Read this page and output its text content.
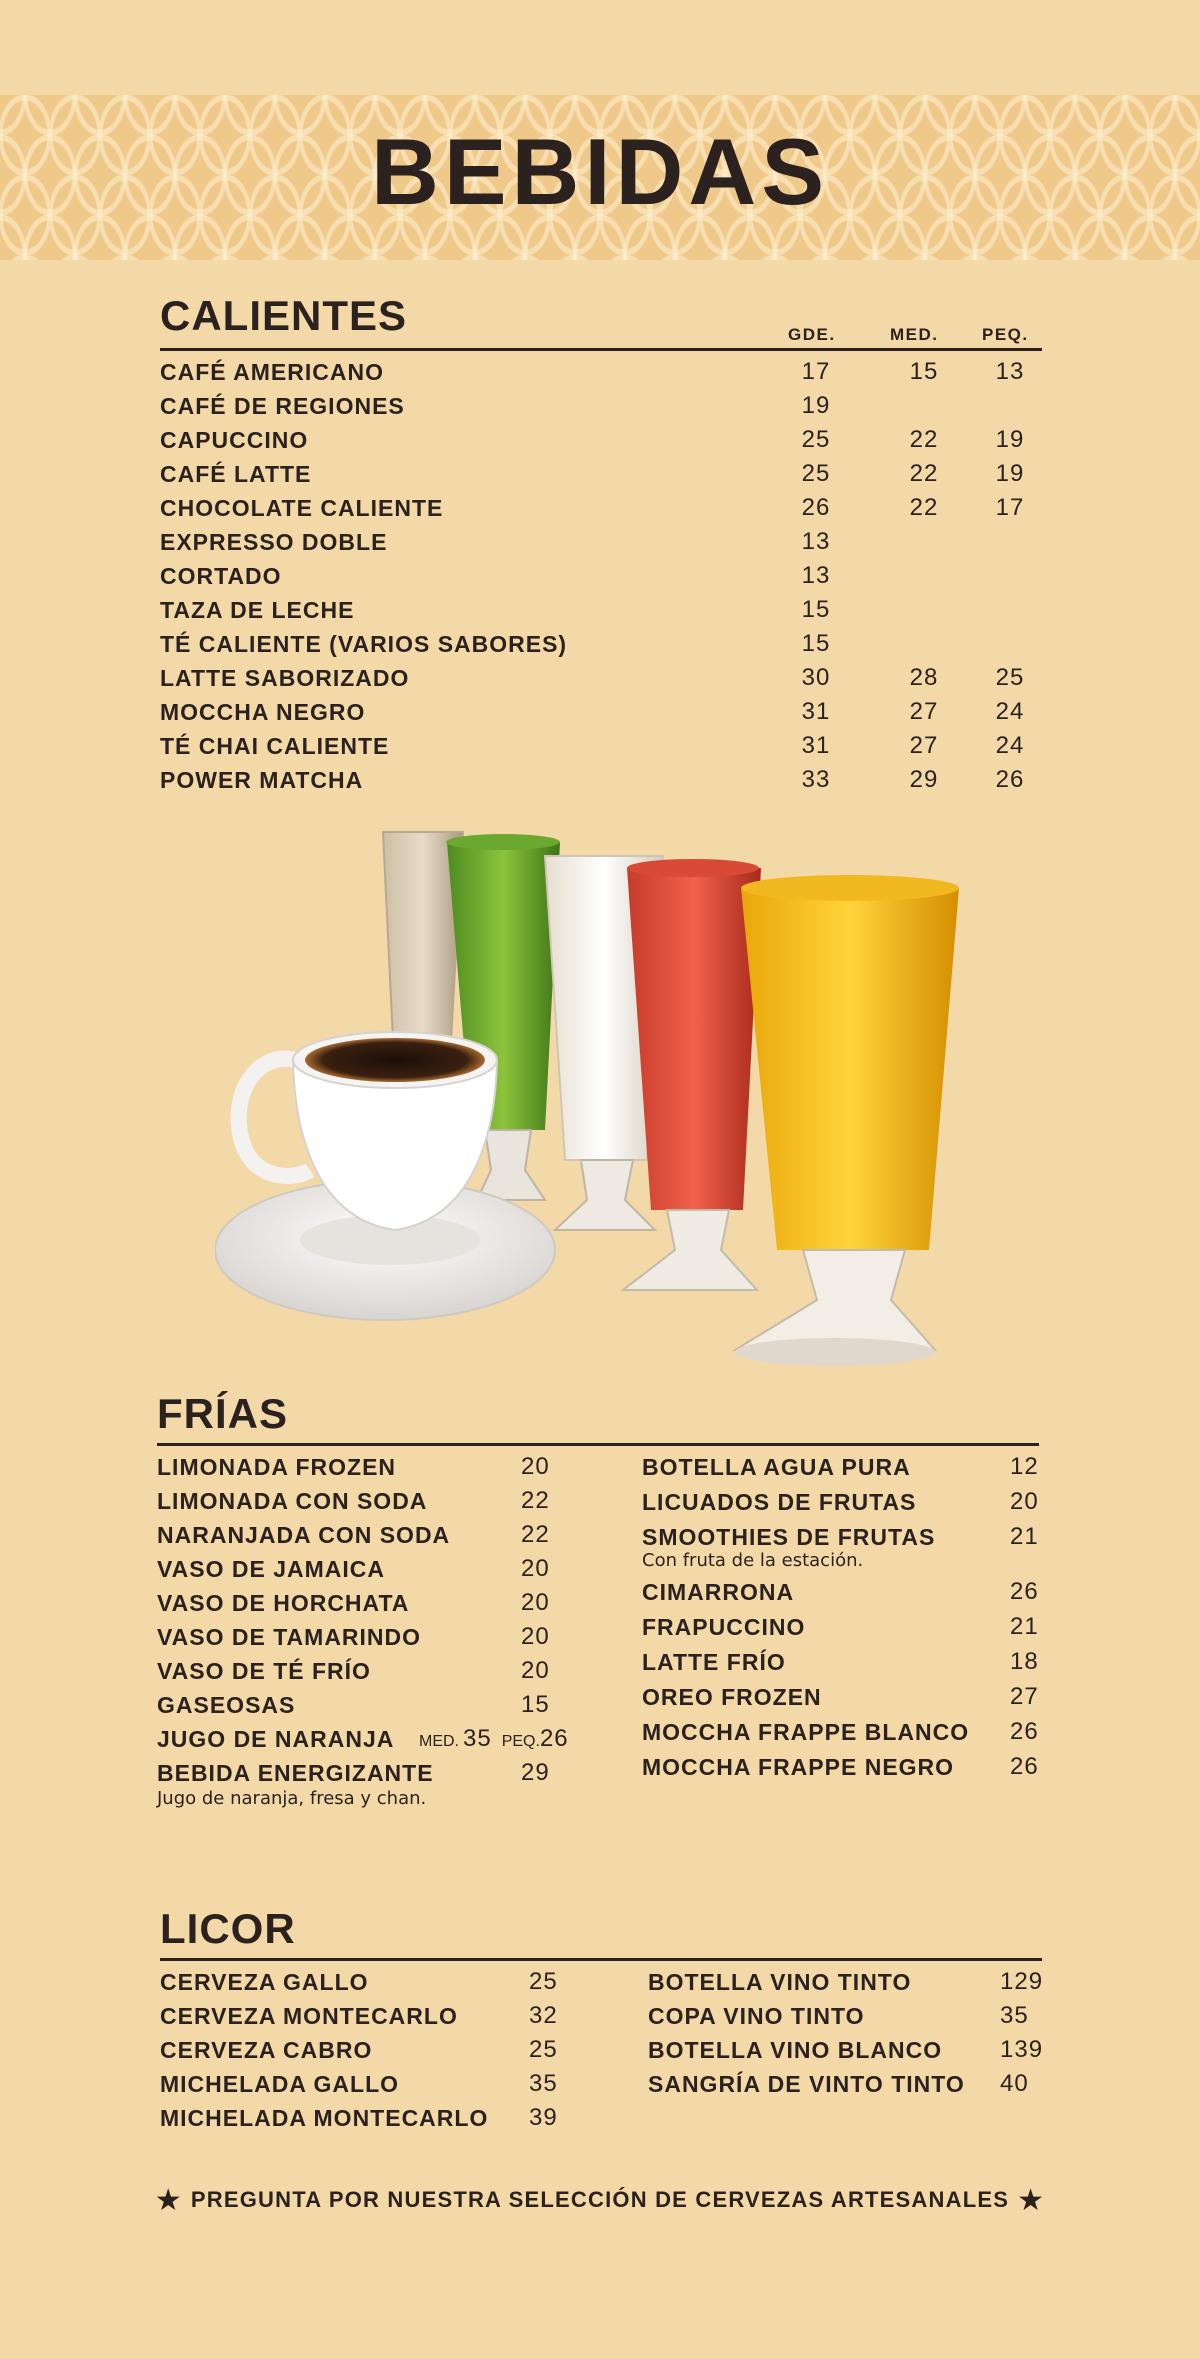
BEBIDAS
CALIENTES	GDE.	MED.	PEQ.
CAFÉ AMERICANO	17	15	13
CAFÉ DE REGIONES	19
CAPUCCINO	25	22	19
CAFÉ LATTE	25	22	19
CHOCOLATE CALIENTE	26	22	17
EXPRESSO DOBLE	13
CORTADO	13
TAZA DE LECHE	15
TÉ CALIENTE (VARIOS SABORES)	15
LATTE SABORIZADO	30	28	25
MOCCHA NEGRO	31	27	24
TÉ CHAI CALIENTE	31	27	24
POWER MATCHA	33	29	26
FRÍAS
LIMONADA FROZEN	20
LIMONADA CON SODA	22
NARANJADA CON SODA	22
VASO DE JAMAICA	20
VASO DE HORCHATA	20
VASO DE TAMARINDO	20
VASO DE TÉ FRÍO	20
GASEOSAS	15
JUGO DE NARANJA MED. 35 PEQ.26
BEBIDA ENERGIZANTE	29
Jugo de naranja, fresa y chan.
BOTELLA AGUA PURA	12
LICUADOS DE FRUTAS	20
SMOOTHIES DE FRUTAS	21
Con fruta de la estación.
CIMARRONA	26
FRAPUCCINO	21
LATTE FRÍO	18
OREO FROZEN	27
MOCCHA FRAPPE BLANCO 26
MOCCHA FRAPPE NEGRO 26
LICOR
CERVEZA GALLO	25
CERVEZA MONTECARLO	32
CERVEZA CABRO	25
MICHELADA GALLO	35
MICHELADA MONTECARLO 39
BOTELLA VINO TINTO	129
COPA VINO TINTO	35
BOTELLA VINO BLANCO 139
SANGRÍA DE VINTO TINTO 40
★ PREGUNTA POR NUESTRA SELECCIÓN DE CERVEZAS ARTESANALES ★
